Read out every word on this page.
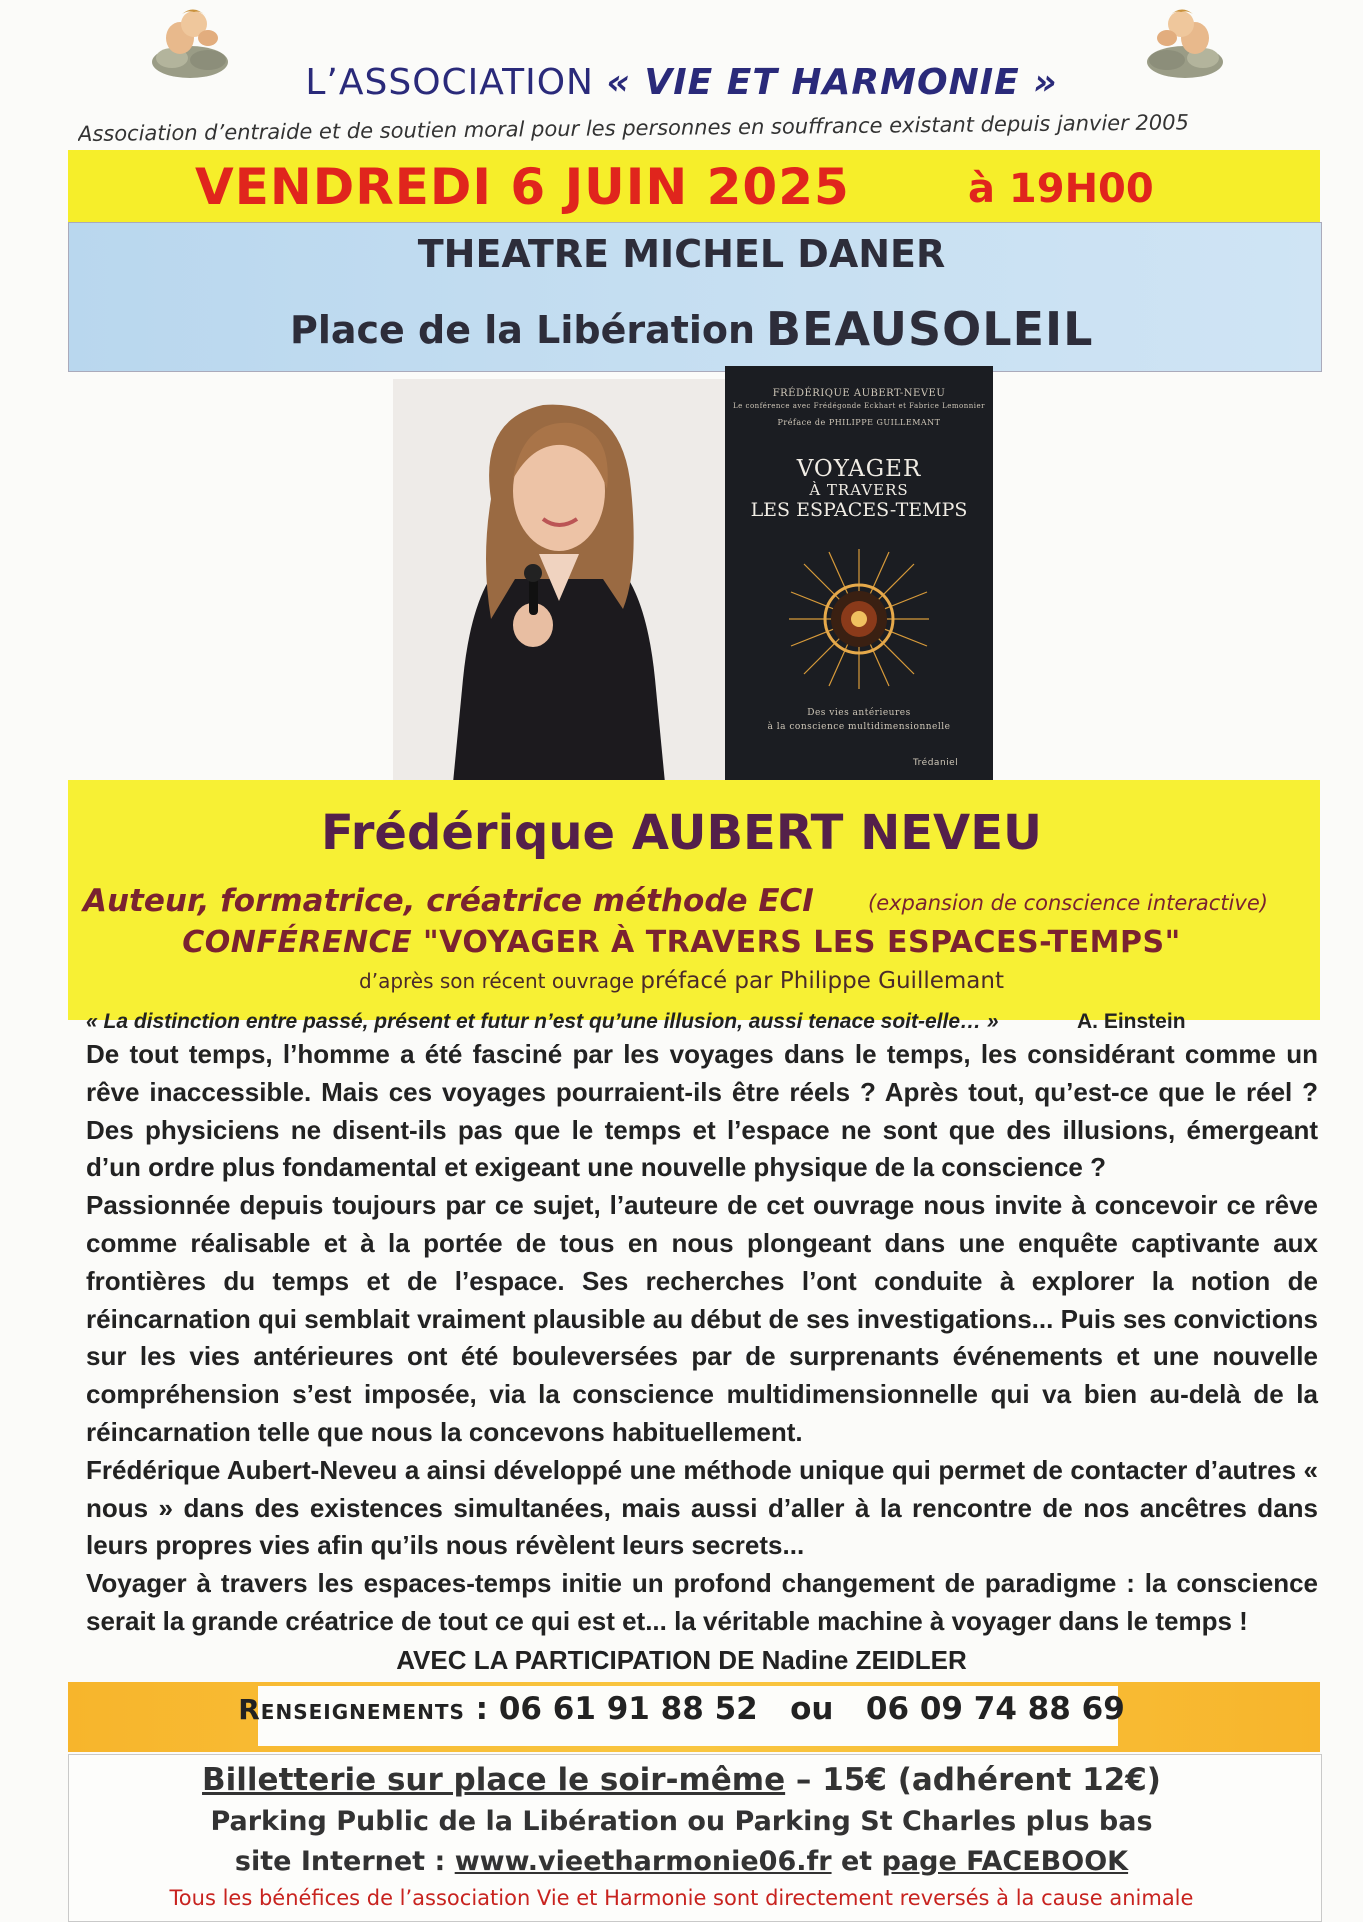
L’ASSOCIATION « VIE ET HARMONIE »
Association d’entraide et de soutien moral pour les personnes en souffrance existant depuis janvier 2005
VENDREDI 6 JUIN 2025	à 19H00
THEATRE MICHEL DANER
Place de la Libération BEAUSOLEIL
FRÉDÉRIQUE AUBERT-NEVEU
Le conférence avec Frédégonde Eckhart et Fabrice Lemonnier
Préface de PHILIPPE GUILLEMANT
VOYAGER
À TRAVERS
LES ESPACES-TEMPS
Des vies antérieures
à la conscience multidimensionnelle
Trédaniel
Frédérique AUBERT NEVEU
Auteur, formatrice, créatrice méthode ECI	(expansion de conscience interactive)
CONFÉRENCE "VOYAGER À TRAVERS LES ESPACES-TEMPS"
d’après son récent ouvrage préfacé par Philippe Guillemant
« La distinction entre passé, présent et futur n’est qu’une illusion, aussi tenace soit-elle… »	A. Einstein

De tout temps, l’homme a été fasciné par les voyages dans le temps, les considérant comme un rêve inaccessible. Mais ces voyages pourraient-ils être réels ? Après tout, qu’est-ce que le réel ? Des physiciens ne disent-ils pas que le temps et l’espace ne sont que des illusions, émergeant d’un ordre plus fondamental et exigeant une nouvelle physique de la conscience ?

Passionnée depuis toujours par ce sujet, l’auteure de cet ouvrage nous invite à concevoir ce rêve comme réalisable et à la portée de tous en nous plongeant dans une enquête captivante aux frontières du temps et de l’espace. Ses recherches l’ont conduite à explorer la notion de réincarnation qui semblait vraiment plausible au début de ses investigations... Puis ses convictions sur les vies antérieures ont été bouleversées par de surprenants événements et une nouvelle compréhension s’est imposée, via la conscience multidimensionnelle qui va bien au-delà de la réincarnation telle que nous la concevons habituellement.

Frédérique Aubert-Neveu a ainsi développé une méthode unique qui permet de contacter d’autres « nous » dans des existences simultanées, mais aussi d’aller à la rencontre de nos ancêtres dans leurs propres vies afin qu’ils nous révèlent leurs secrets...

Voyager à travers les espaces-temps initie un profond changement de paradigme : la conscience serait la grande créatrice de tout ce qui est et... la véritable machine à voyager dans le temps !

AVEC LA PARTICIPATION DE Nadine ZEIDLER
Renseignements : 06 61 91 88 52 ou 06 09 74 88 69
Billetterie sur place le soir-même – 15€ (adhérent 12€)
Parking Public de la Libération ou Parking St Charles plus bas
site Internet : www.vieetharmonie06.fr et page FACEBOOK
Tous les bénéfices de l’association Vie et Harmonie sont directement reversés à la cause animale
